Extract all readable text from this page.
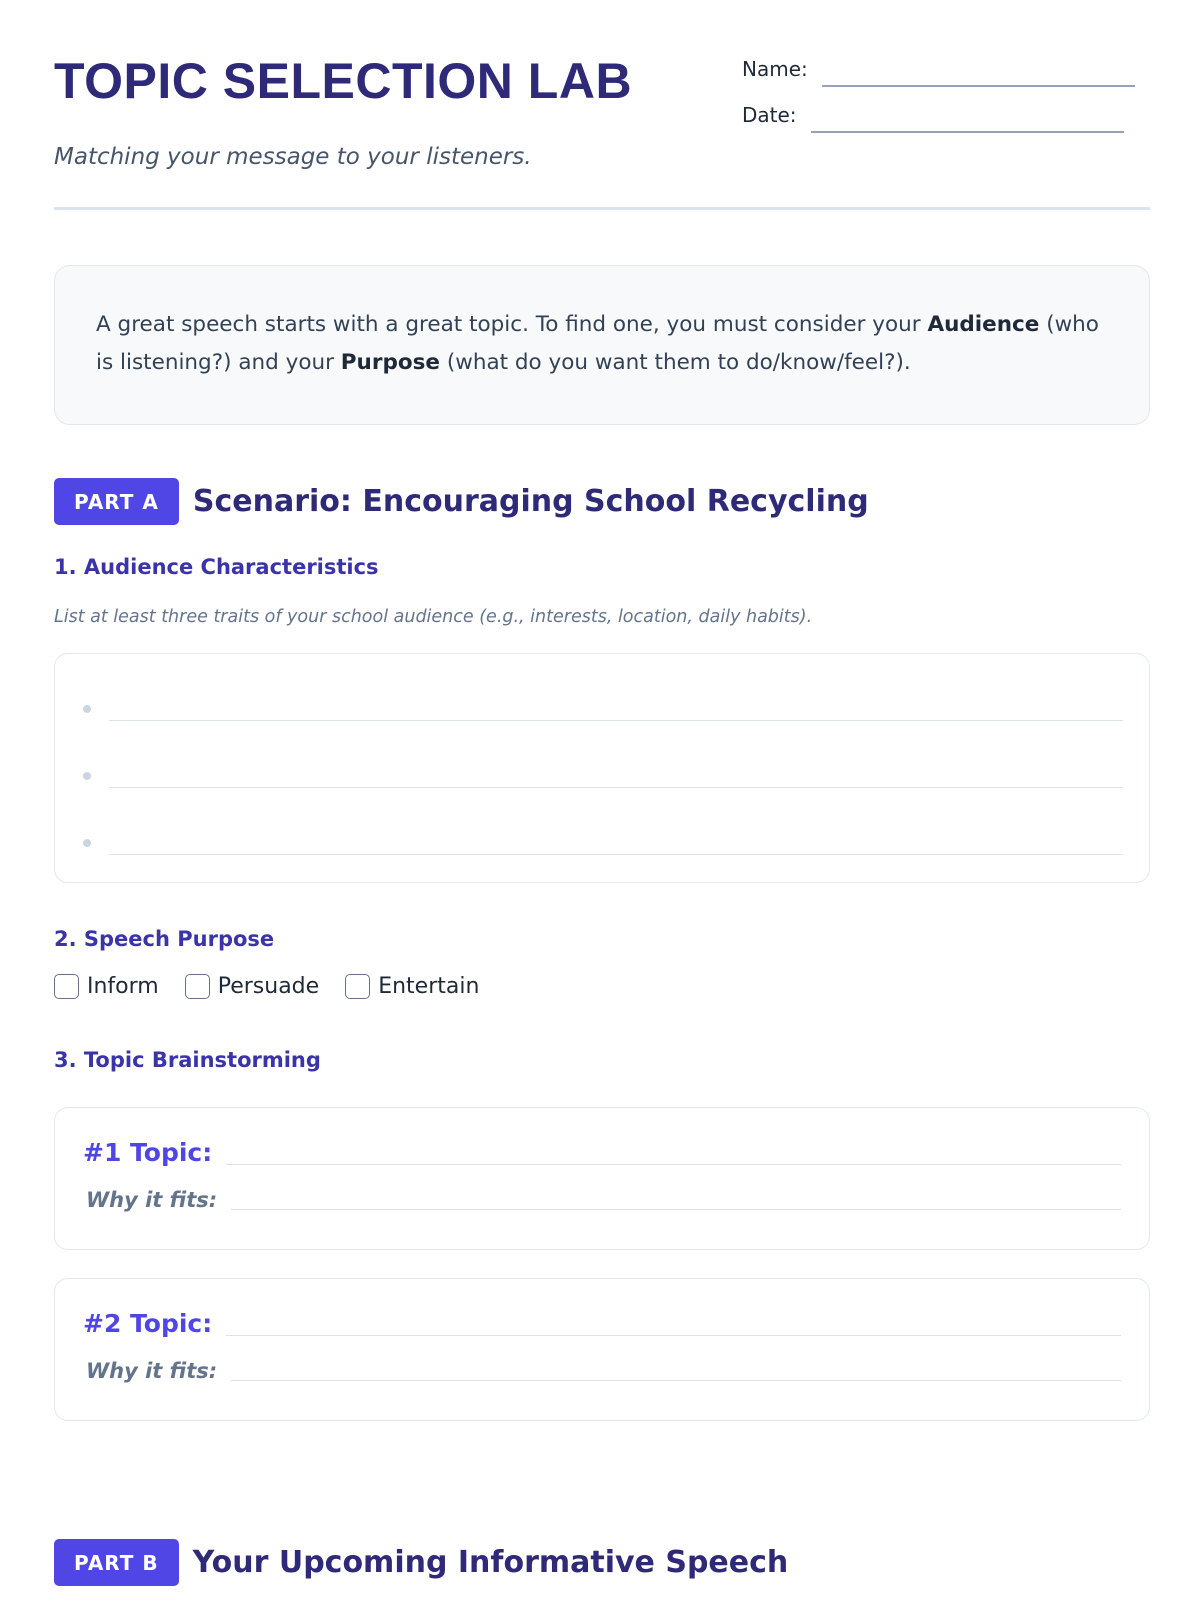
TOPIC SELECTION LAB
Matching your message to your listeners.
Name:
Date:
A great speech starts with a great topic. To find one, you must consider your Audience (who is listening?) and your Purpose (what do you want them to do/know/feel?).
PART A	Scenario: Encouraging School Recycling
1. Audience Characteristics
List at least three traits of your school audience (e.g., interests, location, daily habits).
2. Speech Purpose
Inform	Persuade	Entertain
3. Topic Brainstorming
#1 Topic:
Why it fits:
#2 Topic:
Why it fits:
PART B	Your Upcoming Informative Speech
